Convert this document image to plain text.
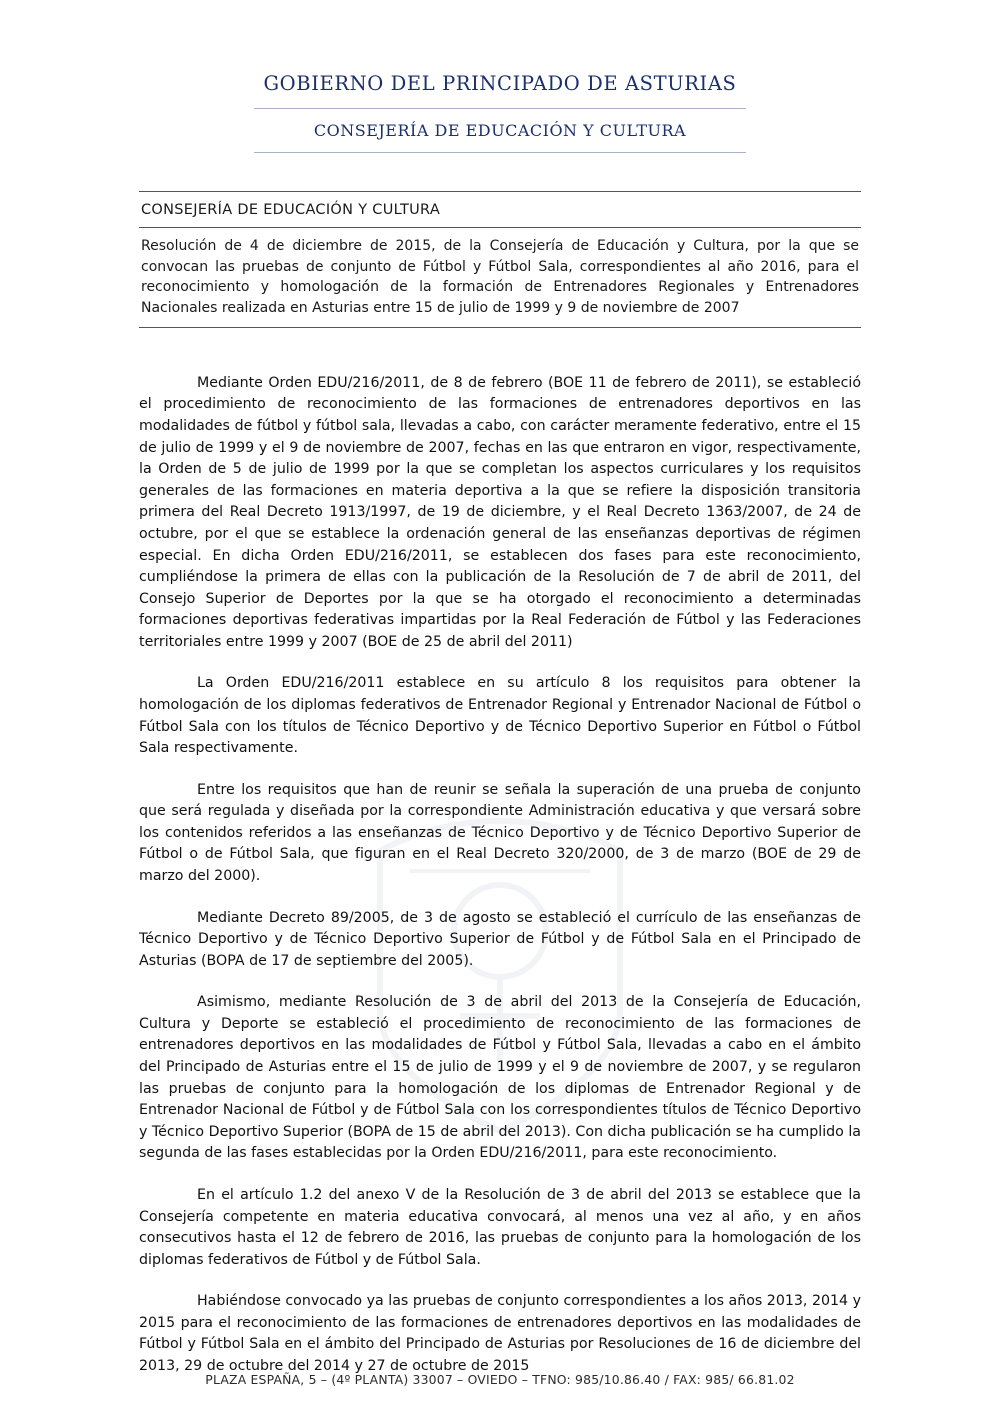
GOBIERNO DEL PRINCIPADO DE ASTURIAS
CONSEJERÍA DE EDUCACIÓN Y CULTURA
CONSEJERÍA DE EDUCACIÓN Y CULTURA
Resolución de 4 de diciembre de 2015, de la Consejería de Educación y Cultura, por la que se convocan las pruebas de conjunto de Fútbol y Fútbol Sala, correspondientes al año 2016, para el reconocimiento y homologación de la formación de Entrenadores Regionales y Entrenadores Nacionales realizada en Asturias entre 15 de julio de 1999 y 9 de noviembre de 2007

Mediante Orden EDU/216/2011, de 8 de febrero (BOE 11 de febrero de 2011), se estableció el procedimiento de reconocimiento de las formaciones de entrenadores deportivos en las modalidades de fútbol y fútbol sala, llevadas a cabo, con carácter meramente federativo, entre el 15 de julio de 1999 y el 9 de noviembre de 2007, fechas en las que entraron en vigor, respectivamente, la Orden de 5 de julio de 1999 por la que se completan los aspectos curriculares y los requisitos generales de las formaciones en materia deportiva a la que se refiere la disposición transitoria primera del Real Decreto 1913/1997, de 19 de diciembre, y el Real Decreto 1363/2007, de 24 de octubre, por el que se establece la ordenación general de las enseñanzas deportivas de régimen especial. En dicha Orden EDU/216/2011, se establecen dos fases para este reconocimiento, cumpliéndose la primera de ellas con la publicación de la Resolución de 7 de abril de 2011, del Consejo Superior de Deportes por la que se ha otorgado el reconocimiento a determinadas formaciones deportivas federativas impartidas por la Real Federación de Fútbol y las Federaciones territoriales entre 1999 y 2007 (BOE de 25 de abril del 2011)

La Orden EDU/216/2011 establece en su artículo 8 los requisitos para obtener la homologación de los diplomas federativos de Entrenador Regional y Entrenador Nacional de Fútbol o Fútbol Sala con los títulos de Técnico Deportivo y de Técnico Deportivo Superior en Fútbol o Fútbol Sala respectivamente.

Entre los requisitos que han de reunir se señala la superación de una prueba de conjunto que será regulada y diseñada por la correspondiente Administración educativa y que versará sobre los contenidos referidos a las enseñanzas de Técnico Deportivo y de Técnico Deportivo Superior de Fútbol o de Fútbol Sala, que figuran en el Real Decreto 320/2000, de 3 de marzo (BOE de 29 de marzo del 2000).

Mediante Decreto 89/2005, de 3 de agosto se estableció el currículo de las enseñanzas de Técnico Deportivo y de Técnico Deportivo Superior de Fútbol y de Fútbol Sala en el Principado de Asturias (BOPA de 17 de septiembre del 2005).

Asimismo, mediante Resolución de 3 de abril del 2013 de la Consejería de Educación, Cultura y Deporte se estableció el procedimiento de reconocimiento de las formaciones de entrenadores deportivos en las modalidades de Fútbol y Fútbol Sala, llevadas a cabo en el ámbito del Principado de Asturias entre el 15 de julio de 1999 y el 9 de noviembre de 2007, y se regularon las pruebas de conjunto para la homologación de los diplomas de Entrenador Regional y de Entrenador Nacional de Fútbol y de Fútbol Sala con los correspondientes títulos de Técnico Deportivo y Técnico Deportivo Superior (BOPA de 15 de abril del 2013). Con dicha publicación se ha cumplido la segunda de las fases establecidas por la Orden EDU/216/2011, para este reconocimiento.

En el artículo 1.2 del anexo V de la Resolución de 3 de abril del 2013 se establece que la Consejería competente en materia educativa convocará, al menos una vez al año, y en años consecutivos hasta el 12 de febrero de 2016, las pruebas de conjunto para la homologación de los diplomas federativos de Fútbol y de Fútbol Sala.

Habiéndose convocado ya las pruebas de conjunto correspondientes a los años 2013, 2014 y 2015 para el reconocimiento de las formaciones de entrenadores deportivos en las modalidades de Fútbol y Fútbol Sala en el ámbito del Principado de Asturias por Resoluciones de 16 de diciembre del 2013, 29 de octubre del 2014 y 27 de octubre de 2015

PLAZA ESPAÑA, 5 – (4º PLANTA) 33007 – OVIEDO – TFNO: 985/10.86.40 / FAX: 985/ 66.81.02
